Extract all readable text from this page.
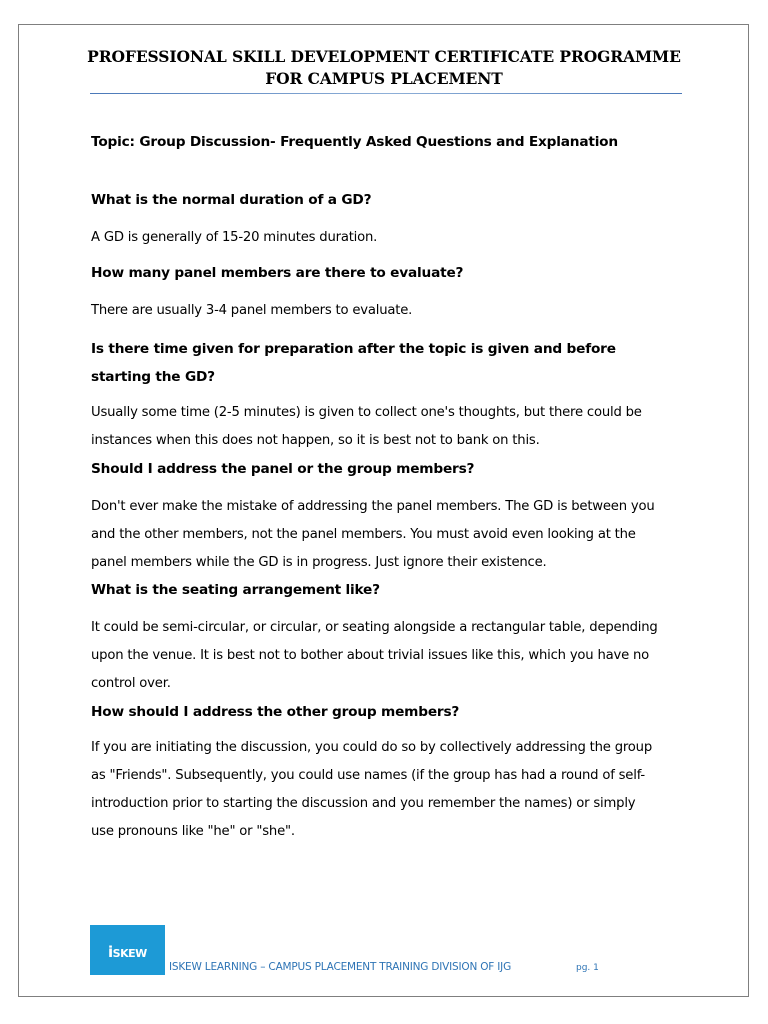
PROFESSIONAL SKILL DEVELOPMENT CERTIFICATE PROGRAMME
FOR CAMPUS PLACEMENT
Topic: Group Discussion- Frequently Asked Questions and Explanation
What is the normal duration of a GD?
A GD is generally of 15-20 minutes duration.
How many panel members are there to evaluate?
There are usually 3-4 panel members to evaluate.
Is there time given for preparation after the topic is given and before
starting the GD?
Usually some time (2-5 minutes) is given to collect one's thoughts, but there could be
instances when this does not happen, so it is best not to bank on this.
Should I address the panel or the group members?
Don't ever make the mistake of addressing the panel members. The GD is between you
and the other members, not the panel members. You must avoid even looking at the
panel members while the GD is in progress. Just ignore their existence.
What is the seating arrangement like?
It could be semi-circular, or circular, or seating alongside a rectangular table, depending
upon the venue. It is best not to bother about trivial issues like this, which you have no
control over.
How should I address the other group members?
If you are initiating the discussion, you could do so by collectively addressing the group
as "Friends". Subsequently, you could use names (if the group has had a round of self-
introduction prior to starting the discussion and you remember the names) or simply
use pronouns like "he" or "she".
iSKEW
ISKEW LEARNING – CAMPUS PLACEMENT TRAINING DIVISION OF IJG	pg. 1
